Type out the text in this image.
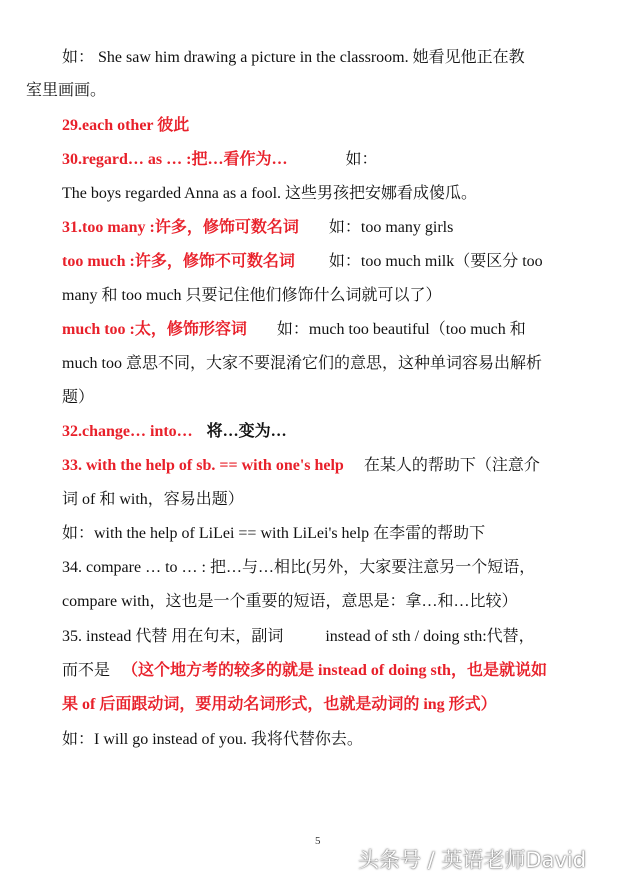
如： She saw him drawing a picture in the classroom. 她看见他正在教
室里画画。
29.each other 彼此
30.regard… as … :把…看作为…	如：
The boys regarded Anna as a fool. 这些男孩把安娜看成傻瓜。
31.too many :许多，修饰可数名词 如：too many girls
too much :许多，修饰不可数名词 如：too much milk（要区分 too
many 和 too much 只要记住他们修饰什么词就可以了）
much too :太，修饰形容词 如：much too beautiful（too much 和
much too 意思不同，大家不要混淆它们的意思，这种单词容易出解析
题）
32.change… into… 将…变为…
33. with the help of sb. == with one's help 在某人的帮助下（注意介
词 of 和 with，容易出题）
如：with the help of LiLei == with LiLei's help 在李雷的帮助下
34. compare … to … : 把…与…相比(另外，大家要注意另一个短语，
compare with，这也是一个重要的短语，意思是：拿…和…比较）
35. instead 代替 用在句末，副词	instead of sth / doing sth:代替，
而不是 （这个地方考的较多的就是 instead of doing sth，也是就说如
果 of 后面跟动词，要用动名词形式，也就是动词的 ing 形式）
如：I will go instead of you. 我将代替你去。
5
头条号 / 英语老师David
